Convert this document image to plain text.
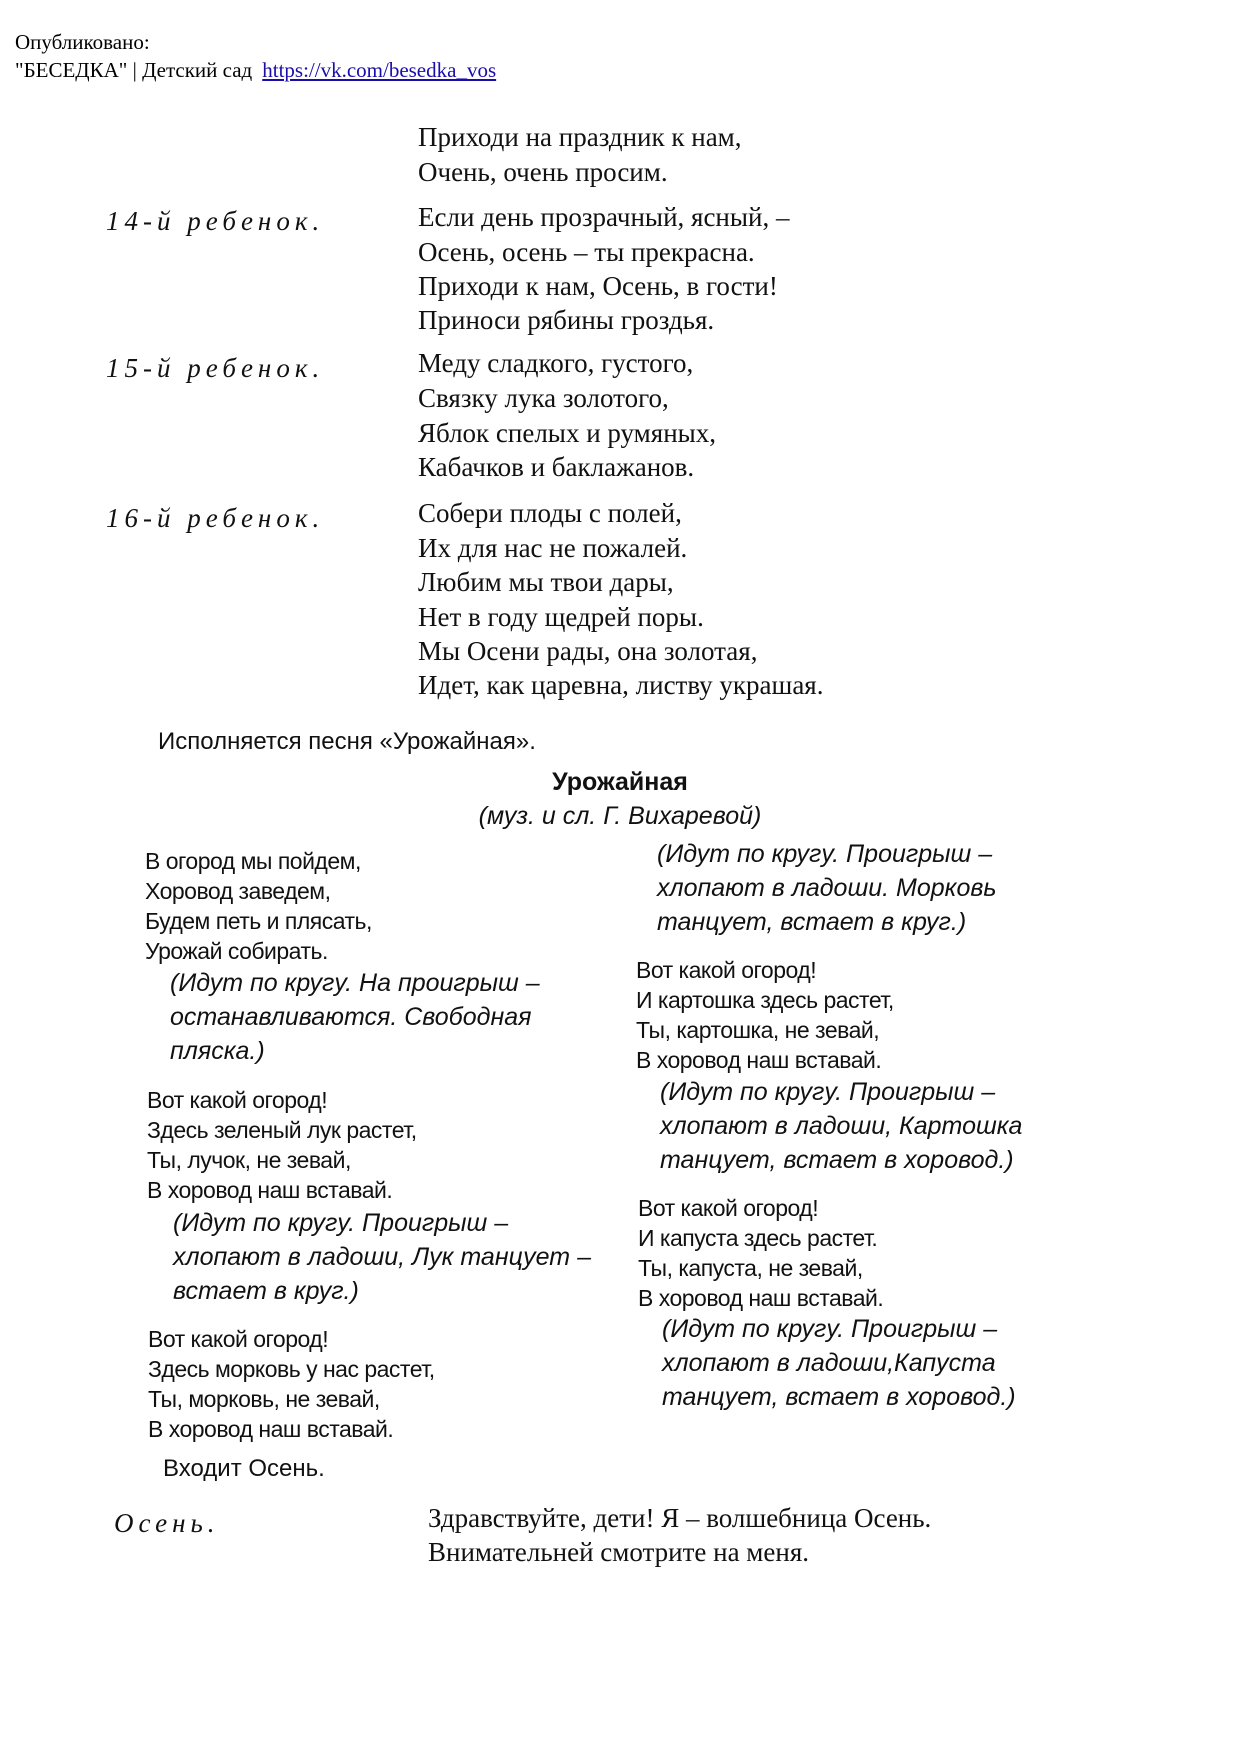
Опубликовано:
"БЕСЕДКА" | Детский сад https://vk.com/besedka_vos
Приходи на праздник к нам,
Очень, очень просим.
14-й ребенок.	Если день прозрачный, ясный, –
Осень, осень – ты прекрасна.
Приходи к нам, Осень, в гости!
Приноси рябины гроздья.
15-й ребенок.	Меду сладкого, густого,
Связку лука золотого,
Яблок спелых и румяных,
Кабачков и баклажанов.
16-й ребенок.	Собери плоды с полей,
Их для нас не пожалей.
Любим мы твои дары,
Нет в году щедрей поры.
Мы Осени рады, она золотая,
Идет, как царевна, листву украшая.
Исполняется песня «Урожайная».
Урожайная
(муз. и сл. Г. Вихаревой)
В огород мы пойдем,
Хоровод заведем,
Будем петь и плясать,
Урожай собирать.
(Идут по кругу. На проигрыш –
останавливаются. Свободная
пляска.)
Вот какой огород!
Здесь зеленый лук растет,
Ты, лучок, не зевай,
В хоровод наш вставай.
(Идут по кругу. Проигрыш –
хлопают в ладоши, Лук танцует –
встает в круг.)
Вот какой огород!
Здесь морковь у нас растет,
Ты, морковь, не зевай,
В хоровод наш вставай.
(Идут по кругу. Проигрыш –
хлопают в ладоши. Морковь
танцует, встает в круг.)
Вот какой огород!
И картошка здесь растет,
Ты, картошка, не зевай,
В хоровод наш вставай.
(Идут по кругу. Проигрыш –
хлопают в ладоши, Картошка
танцует, встает в хоровод.)
Вот какой огород!
И капуста здесь растет.
Ты, капуста, не зевай,
В хоровод наш вставай.
(Идут по кругу. Проигрыш –
хлопают в ладоши,Капуста
танцует, встает в хоровод.)
Входит Осень.
Осень.	Здравствуйте, дети! Я – волшебница Осень.
Внимательней смотрите на меня.
